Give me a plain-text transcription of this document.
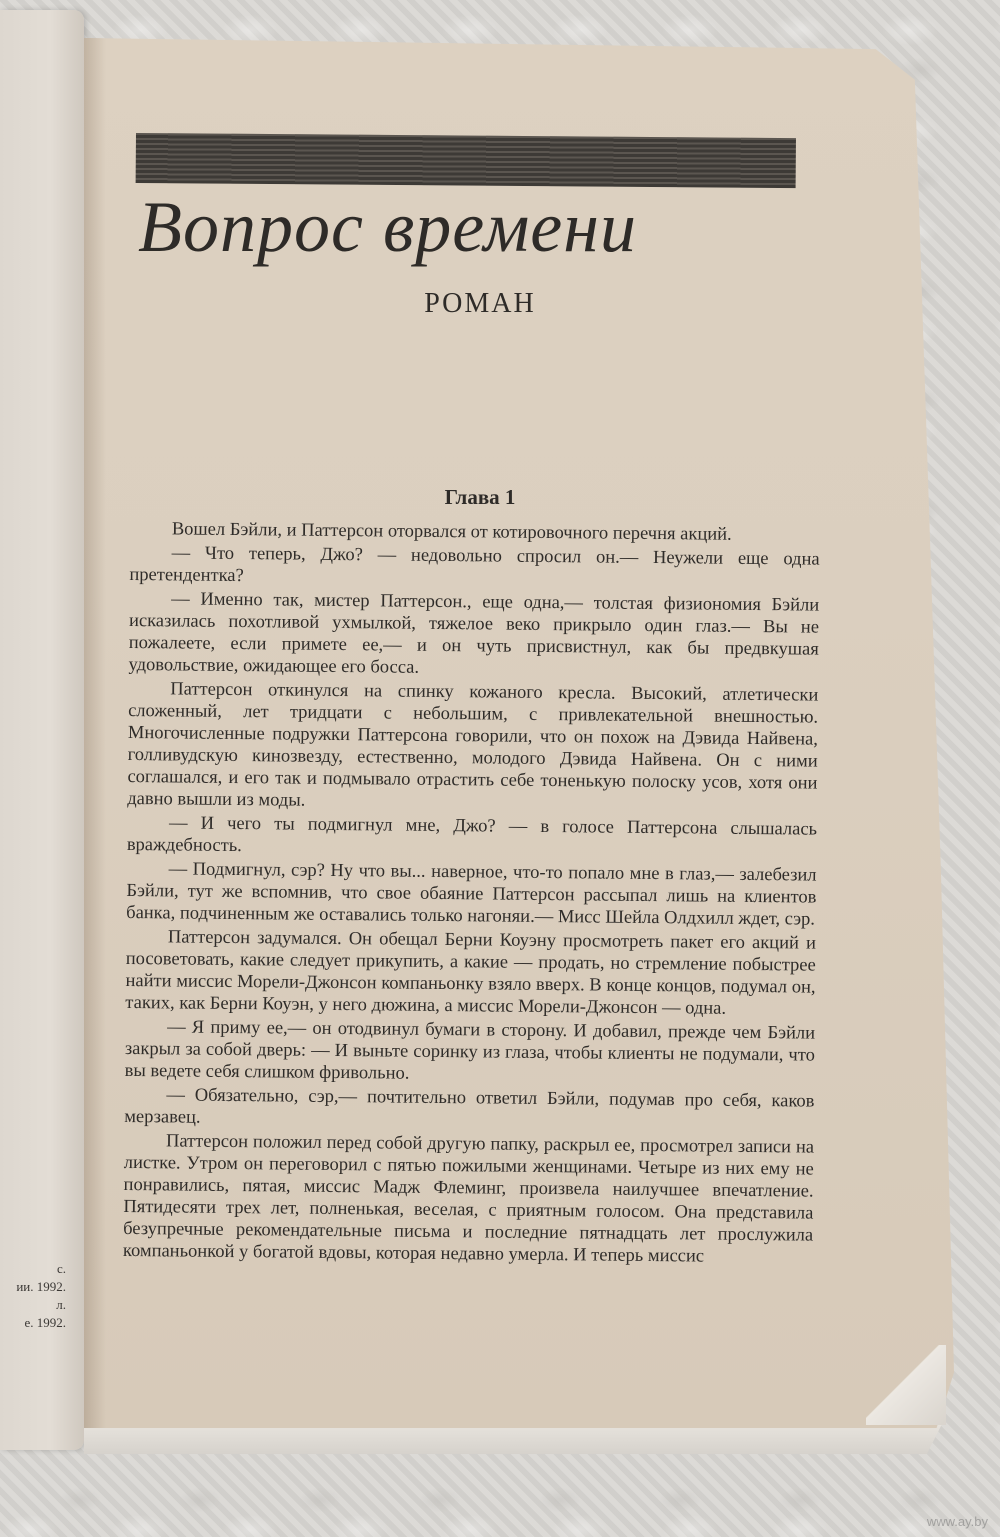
с.
ии. 1992.
л.
е. 1992.
Вопрос времени
РОМАН
Глава 1

Вошел Бэйли, и Паттерсон оторвался от котировочного перечня акций.

— Что теперь, Джо? — недовольно спросил он.— Неужели еще одна претендентка?

— Именно так, мистер Паттерсон., еще одна,— толстая физиономия Бэйли исказилась похотливой ухмылкой, тяжелое веко прикрыло один глаз.— Вы не пожалеете, если примете ее,— и он чуть присвистнул, как бы предвкушая удовольствие, ожидающее его босса.

Паттерсон откинулся на спинку кожаного кресла. Высокий, атлетически сложенный, лет тридцати с небольшим, с привлекательной внешностью. Многочисленные подружки Паттерсона говорили, что он похож на Дэвида Найвена, голливудскую кинозвезду, естественно, молодого Дэвида Найвена. Он с ними соглашался, и его так и подмывало отрастить себе тоненькую полоску усов, хотя они давно вышли из моды.

— И чего ты подмигнул мне, Джо? — в голосе Паттерсона слышалась враждебность.

— Подмигнул, сэр? Ну что вы... наверное, что-то попало мне в глаз,— залебезил Бэйли, тут же вспомнив, что свое обаяние Паттерсон рассыпал лишь на клиентов банка, подчиненным же оставались только нагоняи.— Мисс Шейла Олдхилл ждет, сэр.

Паттерсон задумался. Он обещал Берни Коуэну просмотреть пакет его акций и посоветовать, какие следует прикупить, а какие — продать, но стремление побыстрее найти миссис Морели-Джонсон компаньонку взяло вверх. В конце концов, подумал он, таких, как Берни Коуэн, у него дюжина, а миссис Морели-Джонсон — одна.

— Я приму ее,— он отодвинул бумаги в сторону. И добавил, прежде чем Бэйли закрыл за собой дверь: — И выньте соринку из глаза, чтобы клиенты не подумали, что вы ведете себя слишком фривольно.

— Обязательно, сэр,— почтительно ответил Бэйли, подумав про себя, каков мерзавец.

Паттерсон положил перед собой другую папку, раскрыл ее, просмотрел записи на листке. Утром он переговорил с пятью пожилыми женщинами. Четыре из них ему не понравились, пятая, миссис Мадж Флеминг, произвела наилучшее впечатление. Пятидесяти трех лет, полненькая, веселая, с приятным голосом. Она представила безупречные рекомендательные письма и последние пятнадцать лет прослужила компаньонкой у богатой вдовы, которая недавно умерла. И теперь миссис

www.ay.by
